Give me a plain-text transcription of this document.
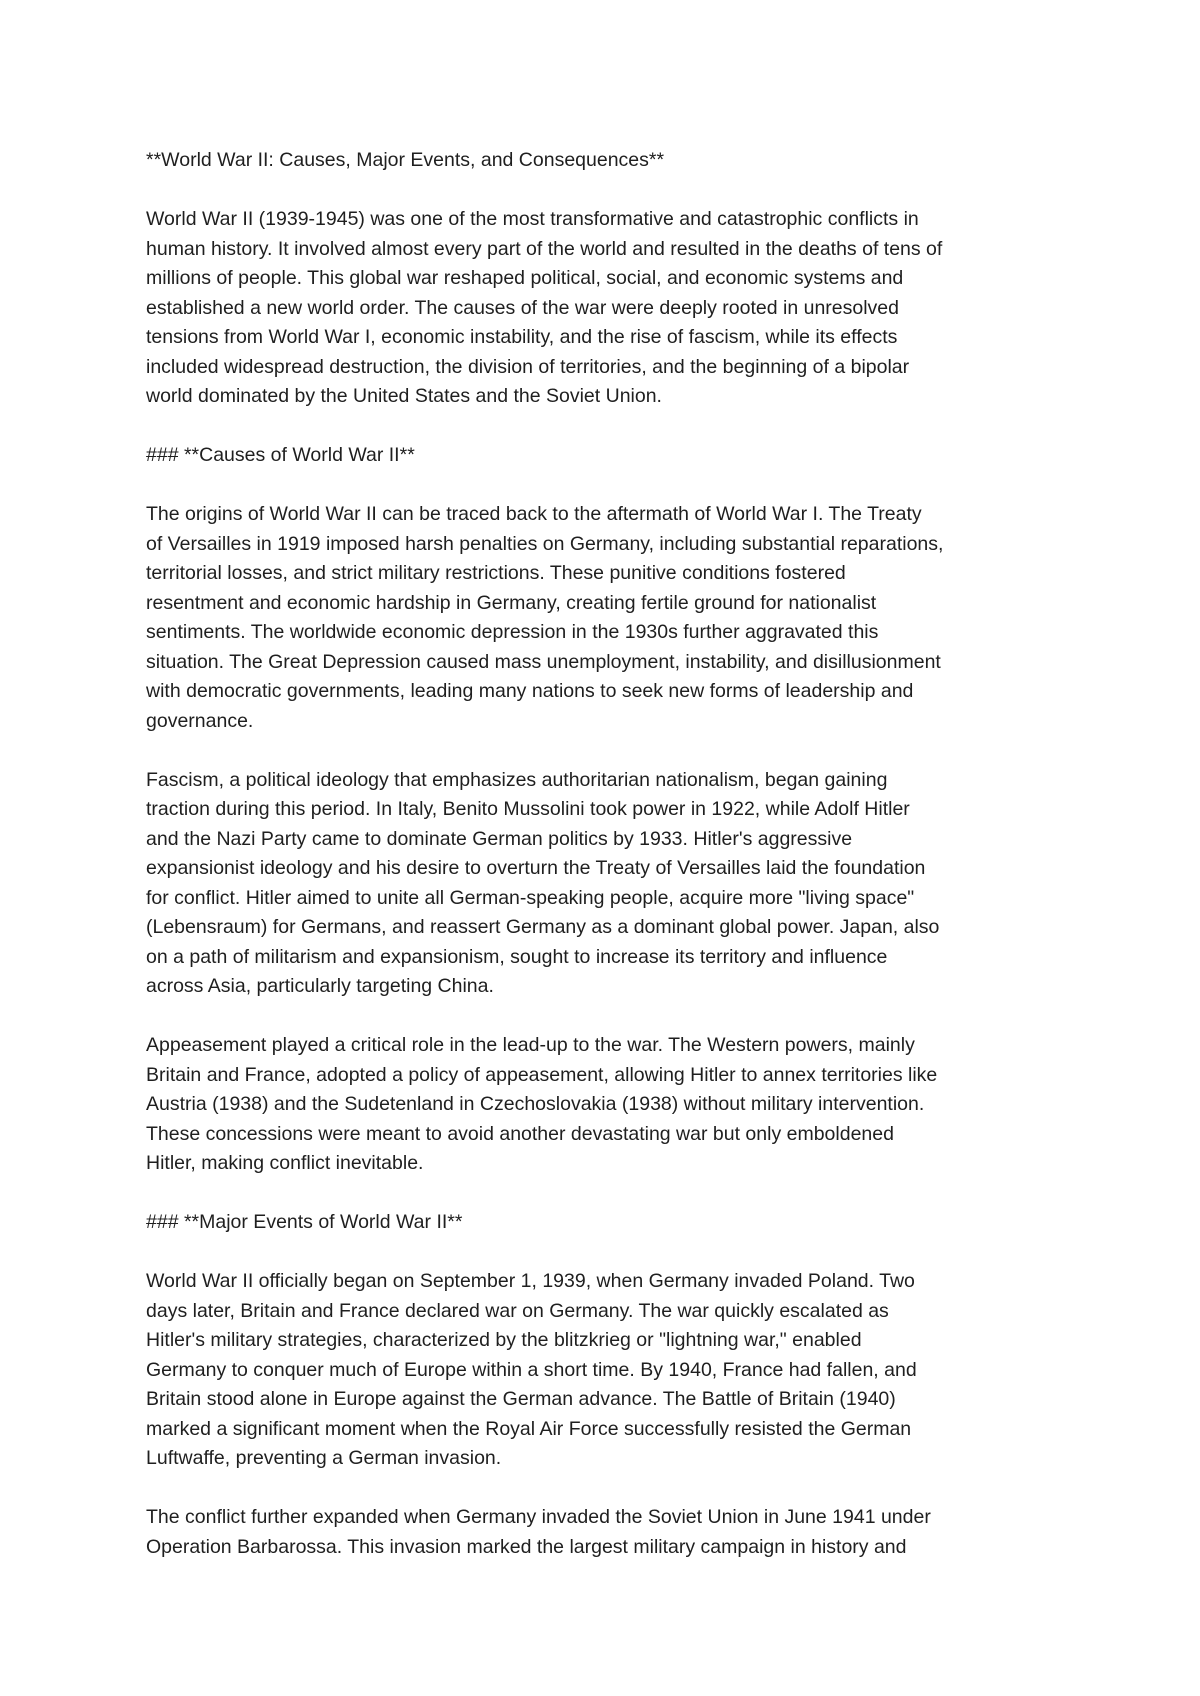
**World War II: Causes, Major Events, and Consequences**

World War II (1939-1945) was one of the most transformative and catastrophic conflicts in

human history. It involved almost every part of the world and resulted in the deaths of tens of

millions of people. This global war reshaped political, social, and economic systems and

established a new world order. The causes of the war were deeply rooted in unresolved

tensions from World War I, economic instability, and the rise of fascism, while its effects

included widespread destruction, the division of territories, and the beginning of a bipolar

world dominated by the United States and the Soviet Union.

### **Causes of World War II**

The origins of World War II can be traced back to the aftermath of World War I. The Treaty

of Versailles in 1919 imposed harsh penalties on Germany, including substantial reparations,

territorial losses, and strict military restrictions. These punitive conditions fostered

resentment and economic hardship in Germany, creating fertile ground for nationalist

sentiments. The worldwide economic depression in the 1930s further aggravated this

situation. The Great Depression caused mass unemployment, instability, and disillusionment

with democratic governments, leading many nations to seek new forms of leadership and

governance.

Fascism, a political ideology that emphasizes authoritarian nationalism, began gaining

traction during this period. In Italy, Benito Mussolini took power in 1922, while Adolf Hitler

and the Nazi Party came to dominate German politics by 1933. Hitler's aggressive

expansionist ideology and his desire to overturn the Treaty of Versailles laid the foundation

for conflict. Hitler aimed to unite all German-speaking people, acquire more "living space"

(Lebensraum) for Germans, and reassert Germany as a dominant global power. Japan, also

on a path of militarism and expansionism, sought to increase its territory and influence

across Asia, particularly targeting China.

Appeasement played a critical role in the lead-up to the war. The Western powers, mainly

Britain and France, adopted a policy of appeasement, allowing Hitler to annex territories like

Austria (1938) and the Sudetenland in Czechoslovakia (1938) without military intervention.

These concessions were meant to avoid another devastating war but only emboldened

Hitler, making conflict inevitable.

### **Major Events of World War II**

World War II officially began on September 1, 1939, when Germany invaded Poland. Two

days later, Britain and France declared war on Germany. The war quickly escalated as

Hitler's military strategies, characterized by the blitzkrieg or "lightning war," enabled

Germany to conquer much of Europe within a short time. By 1940, France had fallen, and

Britain stood alone in Europe against the German advance. The Battle of Britain (1940)

marked a significant moment when the Royal Air Force successfully resisted the German

Luftwaffe, preventing a German invasion.

The conflict further expanded when Germany invaded the Soviet Union in June 1941 under

Operation Barbarossa. This invasion marked the largest military campaign in history and
